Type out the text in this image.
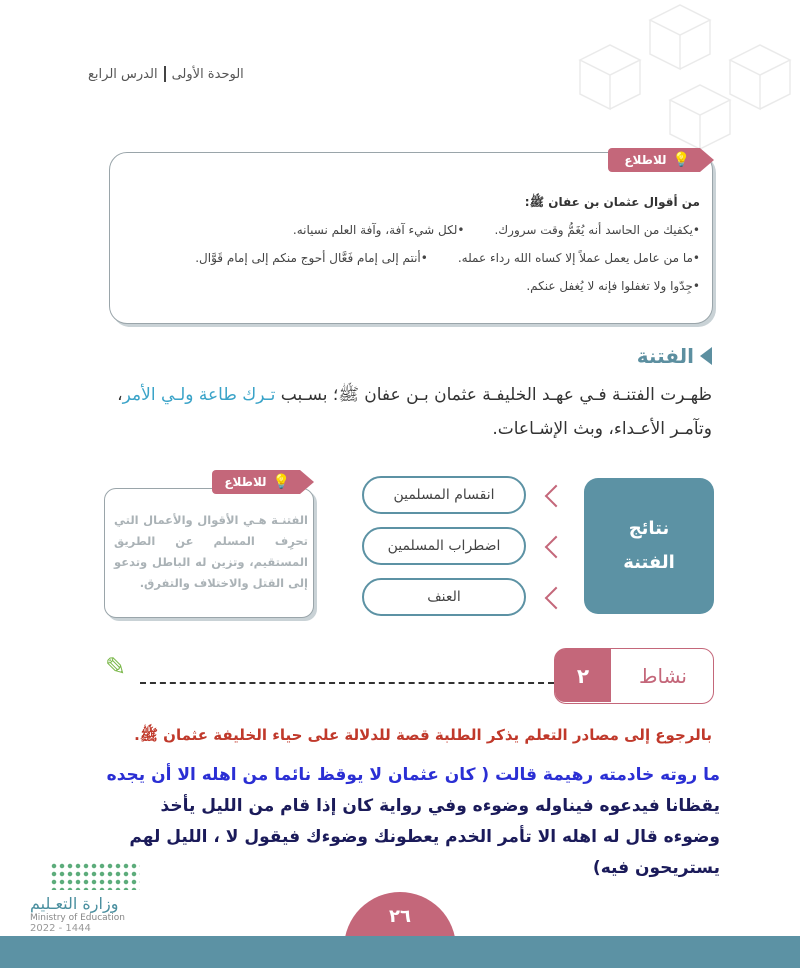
الوحدة الأولى
الدرس الرابع
💡
للاطلاع
من أقوال عثمان بن عفان ﷺ:
•يكفيك من الحاسد أنه يُغَمُّ وقت سرورك.
•لكل شيء آفة، وآفة العلم نسيانه.
•ما من عامل يعمل عملاً إلا كساه الله رداء عمله.
•أنتم إلى إمام فَعَّال أحوج منكم إلى إمام قَوَّال.
•جِدّوا ولا تغفلوا فإنه لا يُغفل عنكم.
الفتنة
ظهـرت الفتنـة فـي عهـد الخليفـة عثمان بـن عفان ﷺ؛ بسـبب تـرك طاعة ولـي الأمر، وتآمـر الأعـداء، وبث الإشـاعات.
نتائج الفتنة
انقسام المسلمين
اضطراب المسلمين
العنف
💡
للاطلاع
الفتنـة هـي الأقوال والأعمال التي تحرِف المسلم عن الطريق المستقيم، وتزين له الباطل وتدعو إلى القتل والاختلاف والتفرق.
٢	نشاط
✏
بالرجوع إلى مصادر التعلم يذكر الطلبة قصة للدلالة على حياء الخليفة عثمان ﷺ.
ما روته خادمته رهيمة قالت ( كان عثمان لا يوقظ نائما من اهله الا أن يجده
يقظانا فيدعوه فيناوله وضوءه وفي رواية كان إذا قام من الليل يأخذ
وضوءه قال له اهله الا تأمر الخدم يعطونك وضوءك فيقول لا ، الليل لهم
يستريحون فيه)
وزارة التعـليم
Ministry of Education
2022 - 1444
٢٦
